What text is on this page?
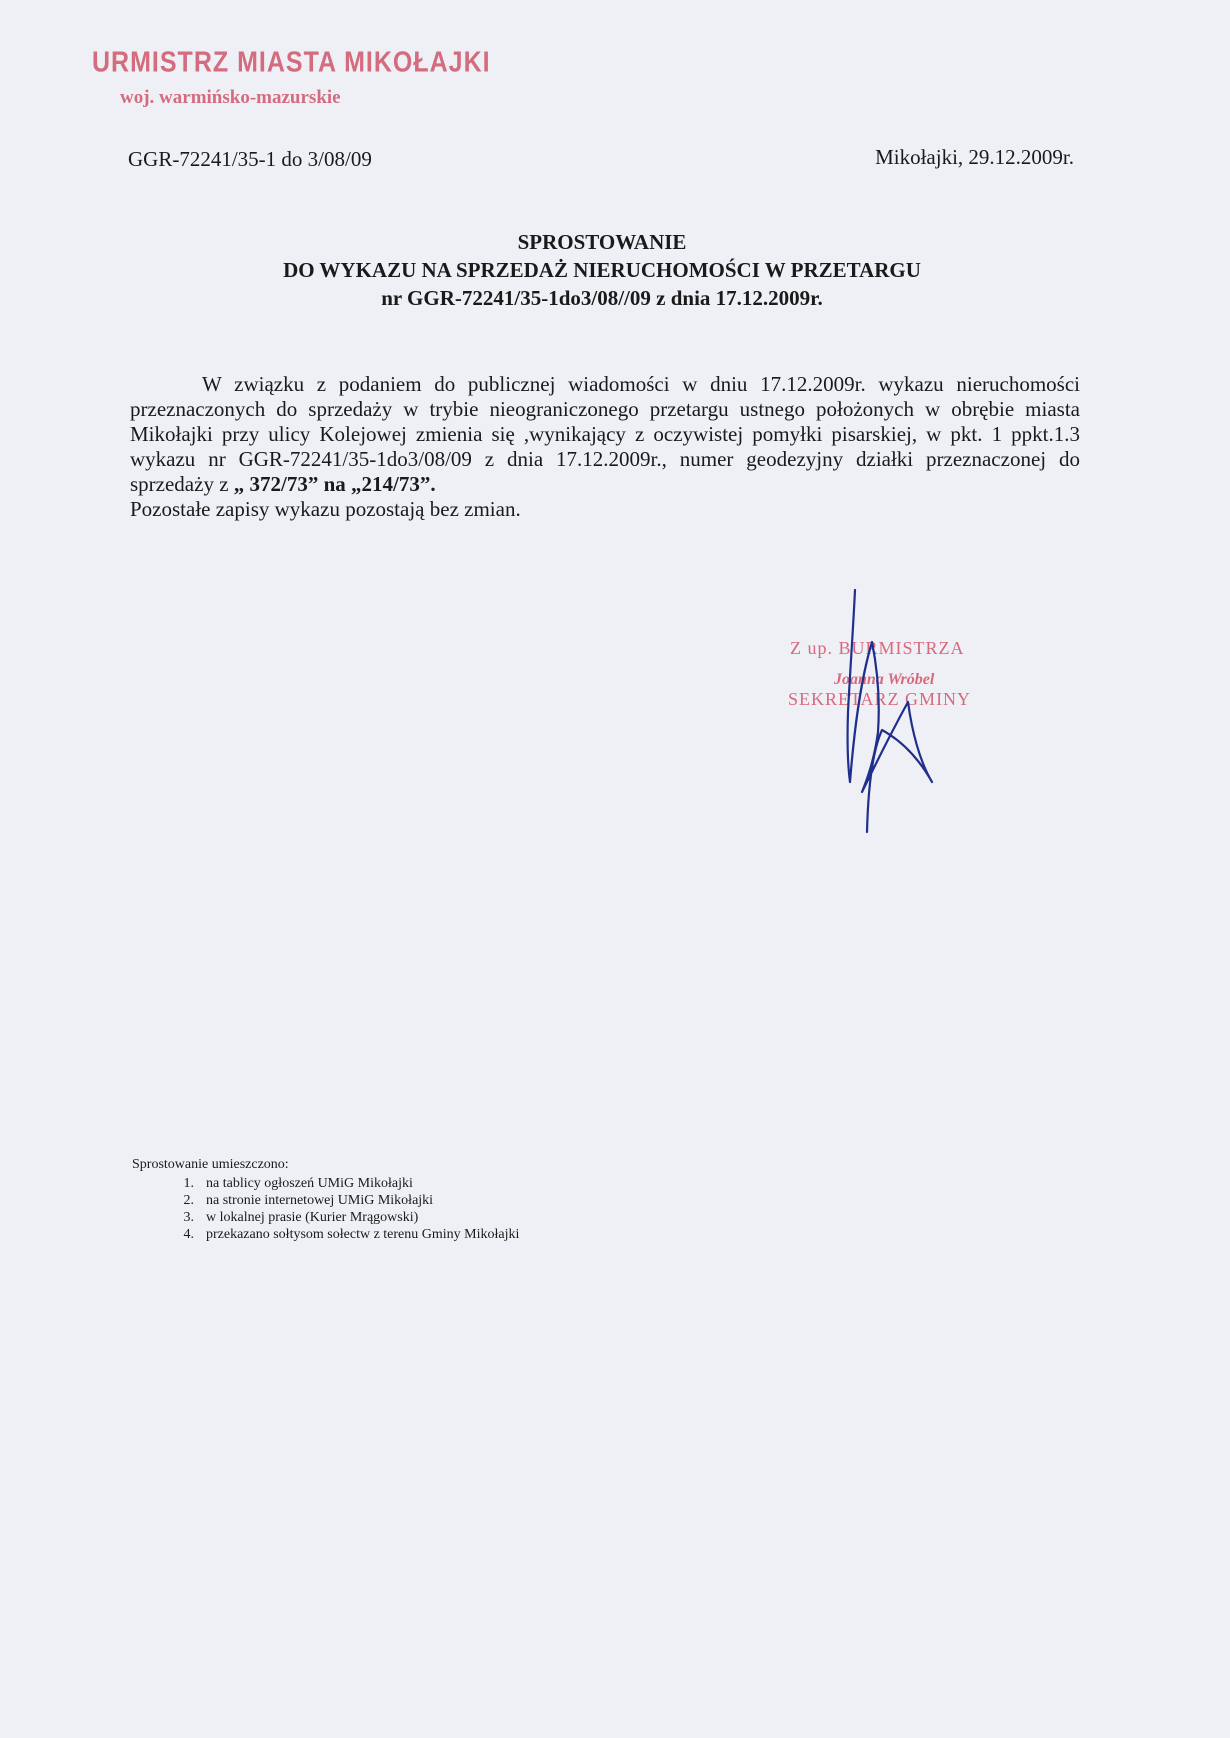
URMISTRZ MIASTA MIKOŁAJKI
woj. warmińsko-mazurskie
GGR-72241/35-1 do 3/08/09	Mikołajki, 29.12.2009r.
SPROSTOWANIE
DO WYKAZU NA SPRZEDAŻ NIERUCHOMOŚCI W PRZETARGU
nr GGR-72241/35-1do3/08//09 z dnia 17.12.2009r.

W związku z podaniem do publicznej wiadomości w dniu 17.12.2009r. wykazu nieruchomości przeznaczonych do sprzedaży w trybie nieograniczonego przetargu ustnego położonych w obrębie miasta Mikołajki przy ulicy Kolejowej zmienia się ,wynikający z oczywistej pomyłki pisarskiej, w pkt. 1 ppkt.1.3 wykazu nr GGR-72241/35-1do3/08/09 z dnia 17.12.2009r., numer geodezyjny działki przeznaczonej do sprzedaży z „ 372/73” na „214/73”.

Pozostałe zapisy wykazu pozostają bez zmian.

Z up. BURMISTRZA
Joanna Wróbel
SEKRETARZ GMINY
Sprostowanie umieszczono:
1. na tablicy ogłoszeń UMiG Mikołajki
2. na stronie internetowej UMiG Mikołajki
3. w lokalnej prasie (Kurier Mrągowski)
4. przekazano sołtysom sołectw z terenu Gminy Mikołajki
